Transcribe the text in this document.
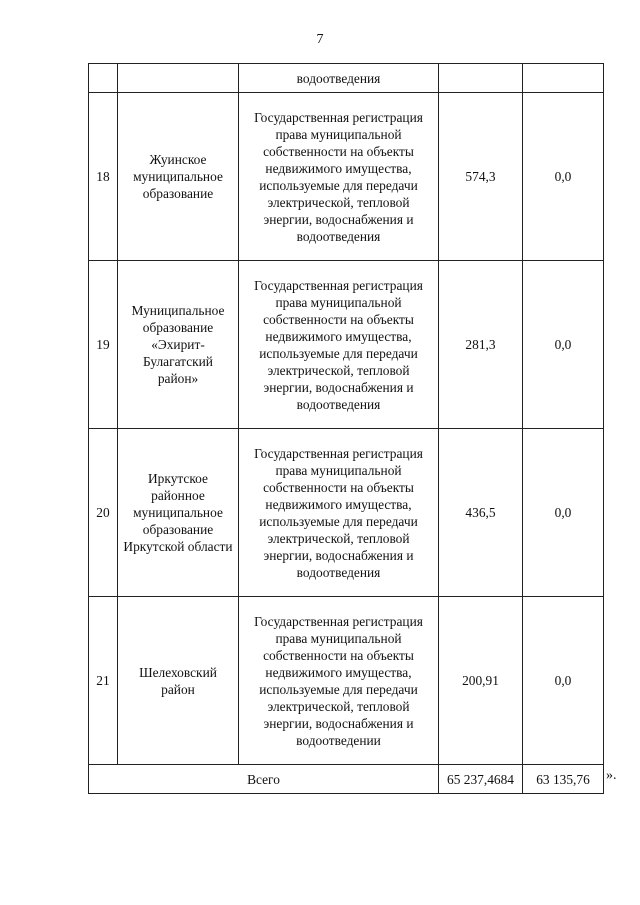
7
		водоотведения		
18	Жуинское муниципальное образование	Государственная регистрация права муниципальной собственности на объекты недвижимого имущества, используемые для передачи электрической, тепловой энергии, водоснабжения и водоотведения	574,3	0,0
19	Муниципальное образование «Эхирит-Булагатский район»	Государственная регистрация права муниципальной собственности на объекты недвижимого имущества, используемые для передачи электрической, тепловой энергии, водоснабжения и водоотведения	281,3	0,0
20	Иркутское районное муниципальное образование Иркутской области	Государственная регистрация права муниципальной собственности на объекты недвижимого имущества, используемые для передачи электрической, тепловой энергии, водоснабжения и водоотведения	436,5	0,0
21	Шелеховский район	Государственная регистрация права муниципальной собственности на объекты недвижимого имущества, используемые для передачи электрической, тепловой энергии, водоснабжения и водоотведении	200,91	0,0
Всего			65 237,4684	63 135,76 ».
